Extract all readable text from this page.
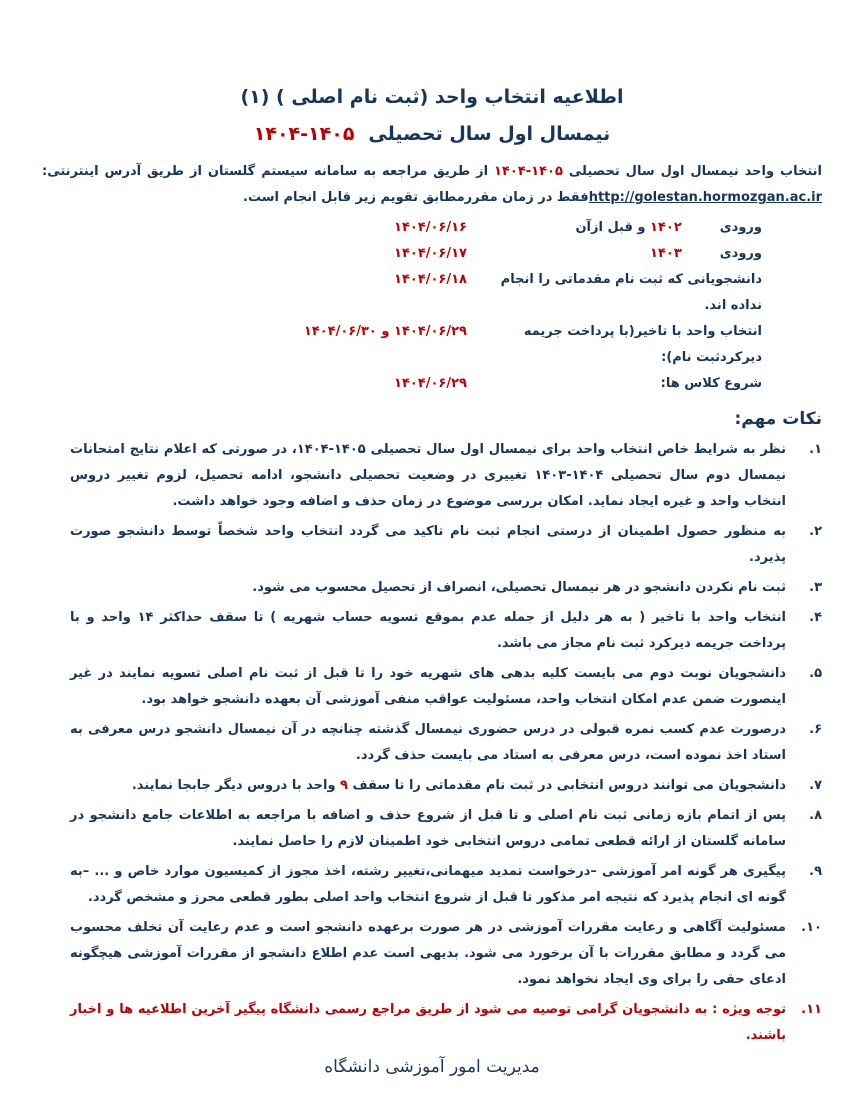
اطلاعیه انتخاب واحد (ثبت نام اصلی ) (۱)
نیمسال اول سال تحصیلی۱۴۰۵-۱۴۰۴

انتخاب واحد نیمسال اول سال تحصیلی ۱۴۰۵-۱۴۰۴ از طریق مراجعه به سامانه سیستم گلستان از طریق آدرس اینترنتی: http://golestan.hormozgan.ac.irفقط در زمان مقررمطابق تقویم زیر قابل انجام است.

ورودی۱۴۰۲ و قبل ازآن
۱۴۰۴/۰۶/۱۶
ورودی۱۴۰۳
۱۴۰۴/۰۶/۱۷
دانشجویانی که ثبت نام مقدماتی را انجام نداده اند.
۱۴۰۴/۰۶/۱۸
انتخاب واحد با تاخیر(با پرداخت جریمه دیرکردثبت نام):
۱۴۰۴/۰۶/۲۹ و ۱۴۰۴/۰۶/۳۰
شروع کلاس ها:
۱۴۰۴/۰۶/۲۹
نکات مهم:
۱.
نظر به شرایط خاص انتخاب واحد برای نیمسال اول سال تحصیلی ۱۴۰۵-۱۴۰۴، در صورتی که اعلام نتایج امتحانات نیمسال دوم سال تحصیلی ۱۴۰۴-۱۴۰۳ تغییری در وضعیت تحصیلی دانشجو، ادامه تحصیل، لزوم تغییر دروس انتخاب واحد و غیره ایجاد نماید. امکان بررسی موضوع در زمان حذف و اضافه وجود خواهد داشت.
۲.
به منظور حصول اطمینان از درستی انجام ثبت نام تاکید می گردد انتخاب واحد شخصاً توسط دانشجو صورت پذیرد.
۳.
ثبت نام نکردن دانشجو در هر نیمسال تحصیلی، انصراف از تحصیل محسوب می شود.
۴.
انتخاب واحد با تاخیر ( به هر دلیل از جمله عدم بموقع تسویه حساب شهریه ) تا سقف حداکثر ۱۴ واحد و با پرداخت جریمه دیرکرد ثبت نام مجاز می باشد.
۵.
دانشجویان نوبت دوم می بایست کلیه بدهی های شهریه خود را تا قبل از ثبت نام اصلی تسویه نمایند در غیر اینصورت ضمن عدم امکان انتخاب واحد، مسئولیت عواقب منفی آموزشی آن بعهده دانشجو خواهد بود.
۶.
درصورت عدم کسب نمره قبولی در درس حضوری نیمسال گذشته چنانچه در آن نیمسال دانشجو درس معرفی به استاد اخذ نموده است، درس معرفی به استاد می بایست حذف گردد.
۷.
دانشجویان می توانند دروس انتخابی در ثبت نام مقدماتی را تا سقف ۹ واحد با دروس دیگر جابجا نمایند.
۸.
پس از اتمام بازه زمانی ثبت نام اصلی و تا قبل از شروع حذف و اضافه با مراجعه به اطلاعات جامع دانشجو در سامانه گلستان از ارائه قطعی تمامی دروس انتخابی خود اطمینان لازم را حاصل نمایند.
۹.
پیگیری هر گونه امر آموزشی –درخواست تمدید میهمانی،تغییر رشته، اخذ مجوز از کمیسیون موارد خاص و ... –به گونه ای انجام پذیرد که نتیجه امر مذکور تا قبل از شروع انتخاب واحد اصلی بطور قطعی محرز و مشخص گردد.
۱۰.
مسئولیت آگاهی و رعایت مقررات آموزشی در هر صورت برعهده دانشجو است و عدم رعایت آن تخلف محسوب می گردد و مطابق مقررات با آن برخورد می شود. بدیهی است عدم اطلاع دانشجو از مقررات آموزشی هیچگونه ادعای حقی را برای وی ایجاد نخواهد نمود.
۱۱.
توجه ویژه : به دانشجویان گرامی توصیه می شود از طریق مراجع رسمی دانشگاه پیگیر آخرین اطلاعیه ها و اخبار باشند.
مدیریت امور آموزشی دانشگاه
